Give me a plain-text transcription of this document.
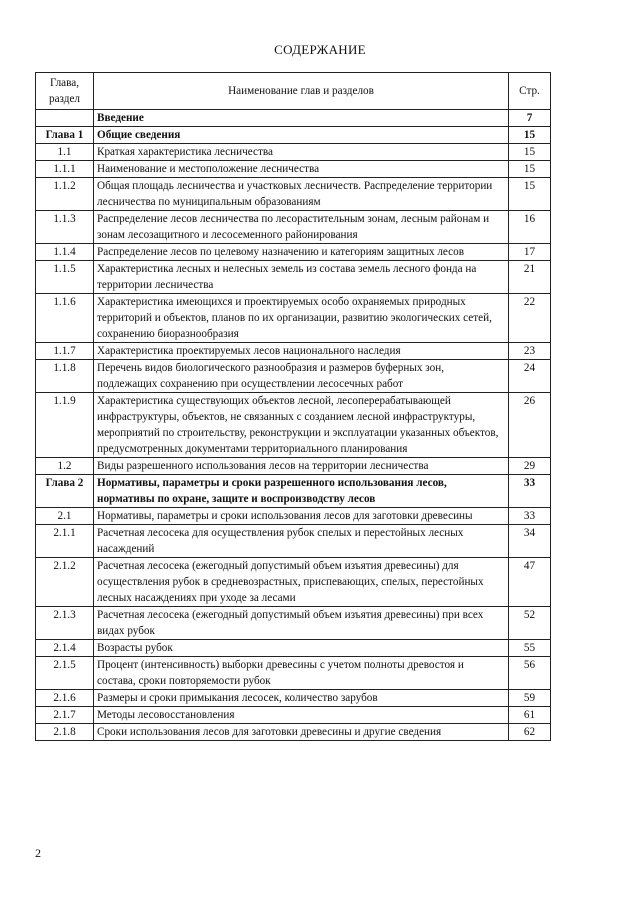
СОДЕРЖАНИЕ
Глава, раздел	Наименование глав и разделов	Стр.
	Введение	7
Глава 1	Общие сведения	15
1.1	Краткая характеристика лесничества	15
1.1.1	Наименование и местоположение лесничества	15
1.1.2	Общая площадь лесничества и участковых лесничеств. Распределение территории лесничества по муниципальным образованиям	15
1.1.3	Распределение лесов лесничества по лесорастительным зонам, лесным районам и зонам лесозащитного и лесосеменного районирования	16
1.1.4	Распределение лесов по целевому назначению и категориям защитных лесов	17
1.1.5	Характеристика лесных и нелесных земель из состава земель лесного фонда на территории лесничества	21
1.1.6	Характеристика имеющихся и проектируемых особо охраняемых природных территорий и объектов, планов по их организации, развитию экологических сетей, сохранению биоразнообразия	22
1.1.7	Характеристика проектируемых лесов национального наследия	23
1.1.8	Перечень видов биологического разнообразия и размеров буферных зон, подлежащих сохранению при осуществлении лесосечных работ	24
1.1.9	Характеристика существующих объектов лесной, лесоперерабатывающей инфраструктуры, объектов, не связанных с созданием лесной инфраструктуры, мероприятий по строительству, реконструкции и эксплуатации указанных объектов, предусмотренных документами территориального планирования	26
1.2	Виды разрешенного использования лесов на территории лесничества	29
Глава 2	Нормативы, параметры и сроки разрешенного использования лесов, нормативы по охране, защите и воспроизводству лесов	33
2.1	Нормативы, параметры и сроки использования лесов для заготовки древесины	33
2.1.1	Расчетная лесосека для осуществления рубок спелых и перестойных лесных насаждений	34
2.1.2	Расчетная лесосека (ежегодный допустимый объем изъятия древесины) для осуществления рубок в средневозрастных, приспевающих, спелых, перестойных лесных насаждениях при уходе за лесами	47
2.1.3	Расчетная лесосека (ежегодный допустимый объем изъятия древесины) при всех видах рубок	52
2.1.4	Возрасты рубок	55
2.1.5	Процент (интенсивность) выборки древесины с учетом полноты древостоя и состава, сроки повторяемости рубок	56
2.1.6	Размеры и сроки примыкания лесосек, количество зарубов	59
2.1.7	Методы лесовосстановления	61
2.1.8	Сроки использования лесов для заготовки древесины и другие сведения	62
2
